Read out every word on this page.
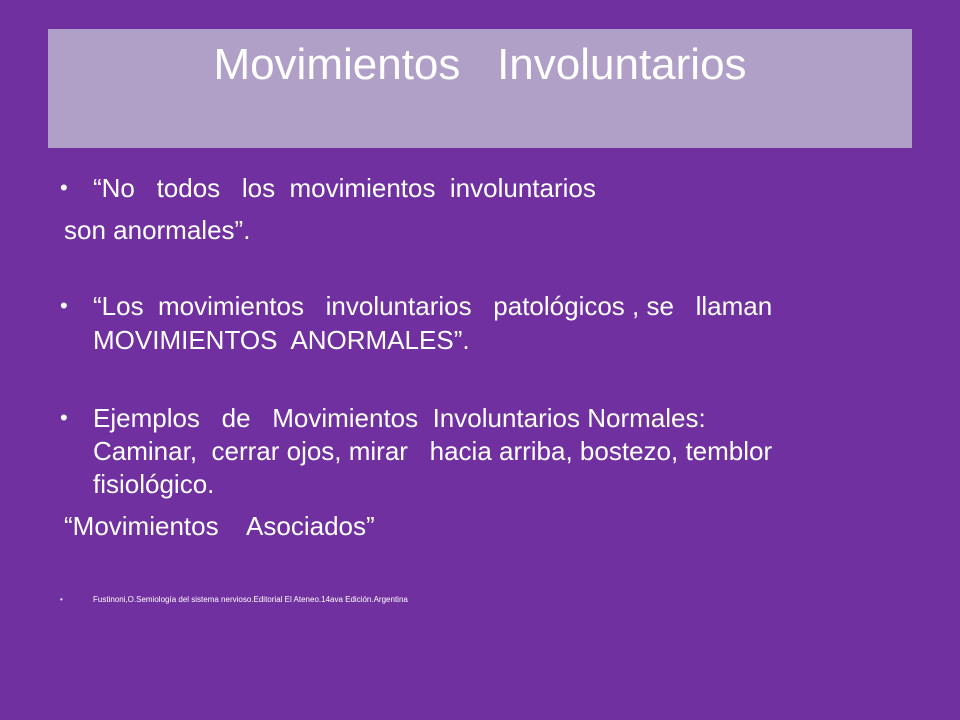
Movimientos   Involuntarios
• “No   todos   los  movimientos  involuntarios
son anormales”.
• “Los  movimientos   involuntarios   patológicos , se   llaman
MOVIMIENTOS  ANORMALES”.
• Ejemplos   de   Movimientos  Involuntarios Normales:
Caminar,  cerrar ojos, mirar   hacia arriba, bostezo, temblor
fisiológico.
“Movimientos    Asociados”
•	Fustinoni,O.Semiología del sistema nervioso.Editorial El Ateneo.14ava Edición.Argentina
